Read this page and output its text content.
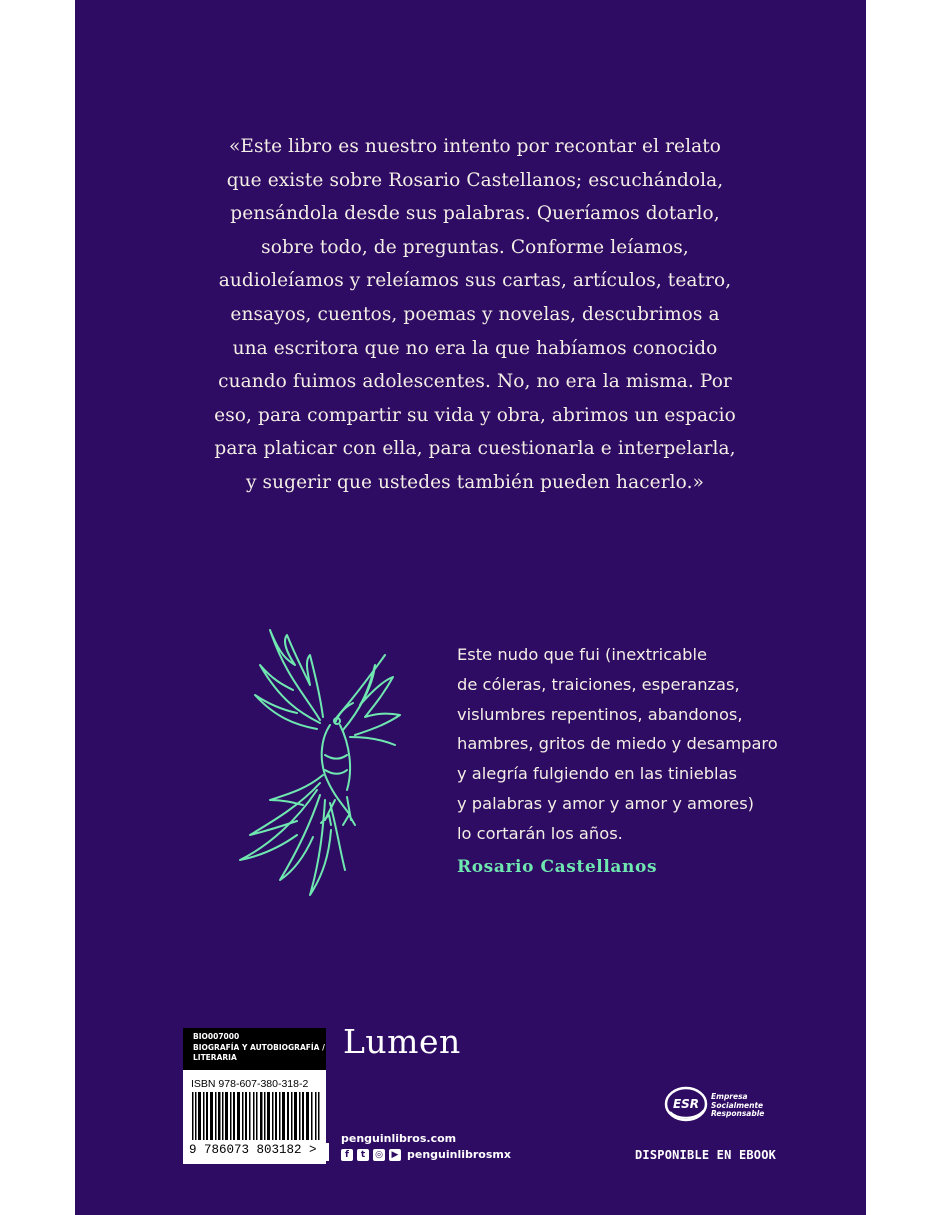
«Este libro es nuestro intento por recontar el relato
que existe sobre Rosario Castellanos; escuchándola,
pensándola desde sus palabras. Queríamos dotarlo,
sobre todo, de preguntas. Conforme leíamos,
audioleíamos y releíamos sus cartas, artículos, teatro,
ensayos, cuentos, poemas y novelas, descubrimos a
una escritora que no era la que habíamos conocido
cuando fuimos adolescentes. No, no era la misma. Por
eso, para compartir su vida y obra, abrimos un espacio
para platicar con ella, para cuestionarla e interpelarla,
y sugerir que ustedes también pueden hacerlo.»
Este nudo que fui (inextricable
de cóleras, traiciones, esperanzas,
vislumbres repentinos, abandonos,
hambres, gritos de miedo y desamparo
y alegría fulgiendo en las tinieblas
y palabras y amor y amor y amores)
lo cortarán los años.
Rosario Castellanos
BIO007000
BIOGRAFÍA Y AUTOBIOGRAFÍA /
LITERARIA
ISBN 978-607-380-318-2
9 786073 803182 >
Lumen
penguinlibros.com
f	t	◎ ▶ penguinlibrosmx
ESR
Empresa
Socialmente
Responsable
DISPONIBLE EN EBOOK
